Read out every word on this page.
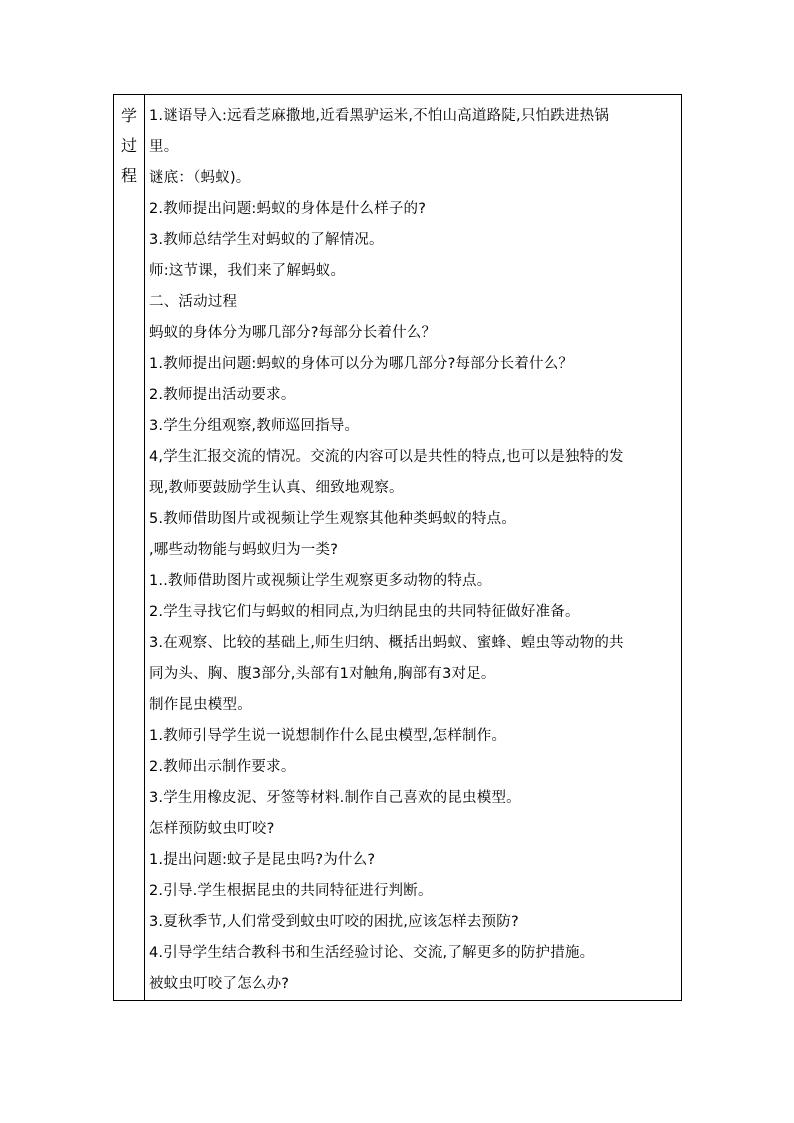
学
过
程

1.谜语导入:远看芝麻撒地,近看黑驴运米,不怕山高道路陡,只怕跌进热锅
里。
谜底：（蚂蚁)。
2.教师提出问题:蚂蚁的身体是什么样子的?
3.教师总结学生对蚂蚁的了解情况。
师:这节课，我们来了解蚂蚁。
二、活动过程
蚂蚁的身体分为哪几部分?每部分长着什么？
1.教师提出问题:蚂蚁的身体可以分为哪几部分?每部分长着什么？
2.教师提出活动要求。
3.学生分组观察,教师巡回指导。
4,学生汇报交流的情况。交流的内容可以是共性的特点,也可以是独特的发
现,教师要鼓励学生认真、细致地观察。
5.教师借助图片或视频让学生观察其他种类蚂蚁的特点。
,哪些动物能与蚂蚁归为一类?
1..教师借助图片或视频让学生观察更多动物的特点。
2.学生寻找它们与蚂蚁的相同点,为归纳昆虫的共同特征做好准备。
3.在观察、比较的基础上,师生归纳、概括出蚂蚁、蜜蜂、蝗虫等动物的共
同为头、胸、腹3部分,头部有1对触角,胸部有3对足。
制作昆虫模型。
1.教师引导学生说一说想制作什么昆虫模型,怎样制作。
2.教师出示制作要求。
3.学生用橡皮泥、牙签等材料.制作自己喜欢的昆虫模型。
怎样预防蚊虫叮咬?
1.提出问题:蚊子是昆虫吗?为什么?
2.引导.学生根据昆虫的共同特征进行判断。
3.夏秋季节,人们常受到蚊虫叮咬的困扰,应该怎样去预防?
4.引导学生结合教科书和生活经验讨论、交流,了解更多的防护措施。
被蚊虫叮咬了怎么办?
